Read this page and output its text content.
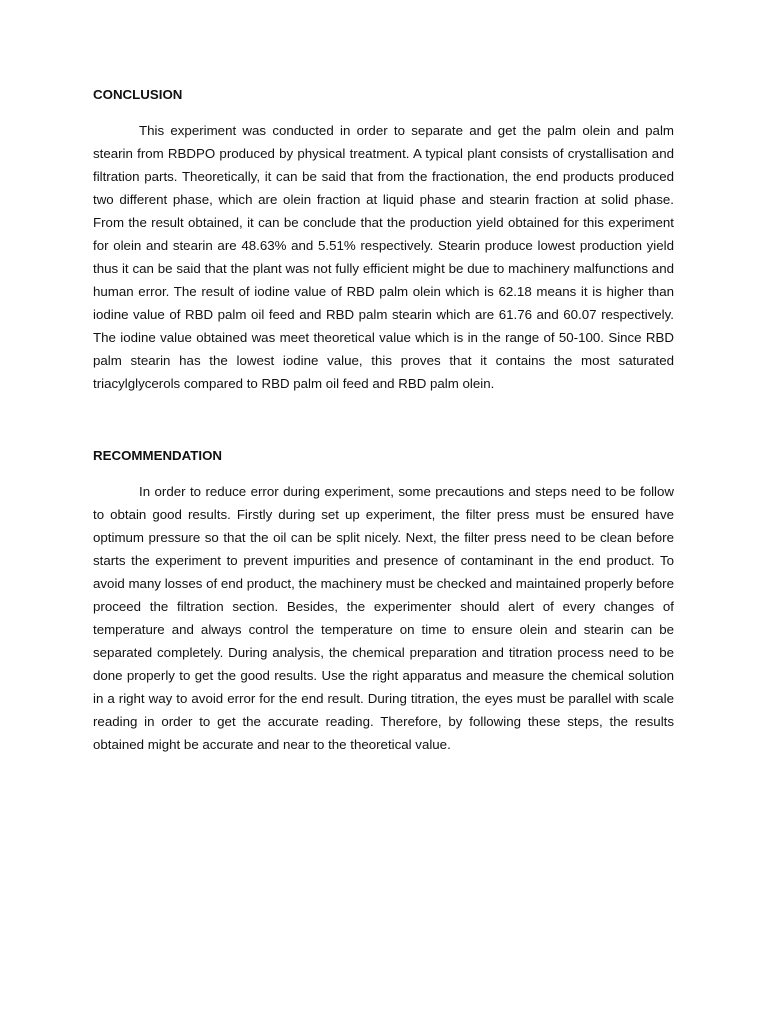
CONCLUSION

This experiment was conducted in order to separate and get the palm olein and palm stearin from RBDPO produced by physical treatment. A typical plant consists of crystallisation and filtration parts. Theoretically, it can be said that from the fractionation, the end products produced two different phase, which are olein fraction at liquid phase and stearin fraction at solid phase. From the result obtained, it can be conclude that the production yield obtained for this experiment for olein and stearin are 48.63% and 5.51% respectively. Stearin produce lowest production yield thus it can be said that the plant was not fully efficient might be due to machinery malfunctions and human error. The result of iodine value of RBD palm olein which is 62.18 means it is higher than iodine value of RBD palm oil feed and RBD palm stearin which are 61.76 and 60.07 respectively. The iodine value obtained was meet theoretical value which is in the range of 50-100. Since RBD palm stearin has the lowest iodine value, this proves that it contains the most saturated triacylglycerols compared to RBD palm oil feed and RBD palm olein.

RECOMMENDATION

In order to reduce error during experiment, some precautions and steps need to be follow to obtain good results. Firstly during set up experiment, the filter press must be ensured have optimum pressure so that the oil can be split nicely. Next, the filter press need to be clean before starts the experiment to prevent impurities and presence of contaminant in the end product. To avoid many losses of end product, the machinery must be checked and maintained properly before proceed the filtration section. Besides, the experimenter should alert of every changes of temperature and always control the temperature on time to ensure olein and stearin can be separated completely. During analysis, the chemical preparation and titration process need to be done properly to get the good results. Use the right apparatus and measure the chemical solution in a right way to avoid error for the end result. During titration, the eyes must be parallel with scale reading in order to get the accurate reading. Therefore, by following these steps, the results obtained might be accurate and near to the theoretical value.
